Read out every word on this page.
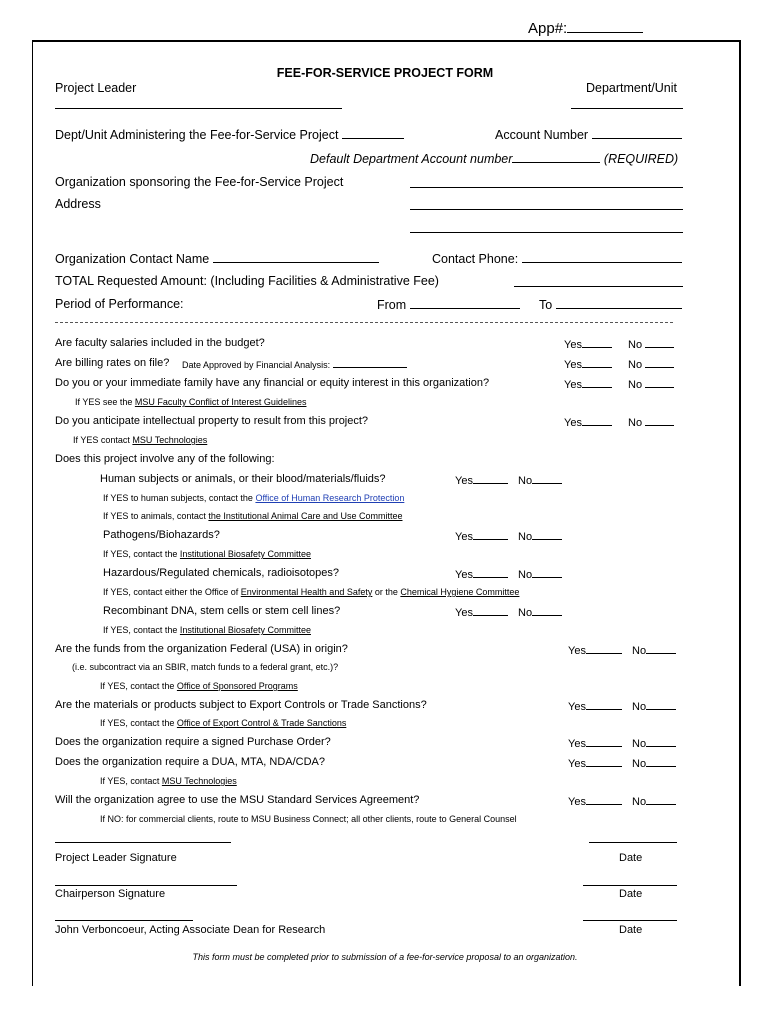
App#:
FEE-FOR-SERVICE PROJECT FORM
Project Leader	Department/Unit
Dept/Unit Administering the Fee-for-Service Project	Account Number
Default Department Account number	(REQUIRED)
Organization sponsoring the Fee-for-Service Project
Address
Organization Contact Name	Contact Phone:
TOTAL Requested Amount: (Including Facilities & Administrative Fee)
Period of Performance:	From	To
Are faculty salaries included in the budget?	Yes	No
Are billing rates on file? Date Approved by Financial Analysis:	Yes	No
Do you or your immediate family have any financial or equity interest in this organization?	Yes	No
If YES see the MSU Faculty Conflict of Interest Guidelines
Do you anticipate intellectual property to result from this project?	Yes	No
If YES contact MSU Technologies
Does this project involve any of the following:
Human subjects or animals, or their blood/materials/fluids?	Yes	No
If YES to human subjects, contact the Office of Human Research Protection
If YES to animals, contact the Institutional Animal Care and Use Committee
Pathogens/Biohazards?	Yes	No
If YES, contact the Institutional Biosafety Committee
Hazardous/Regulated chemicals, radioisotopes?	Yes	No
If YES, contact either the Office of Environmental Health and Safety or the Chemical Hygiene Committee
Recombinant DNA, stem cells or stem cell lines?	Yes	No
If YES, contact the Institutional Biosafety Committee
Are the funds from the organization Federal (USA) in origin?	Yes	No
(i.e. subcontract via an SBIR, match funds to a federal grant, etc.)?
If YES, contact the Office of Sponsored Programs
Are the materials or products subject to Export Controls or Trade Sanctions?	Yes	No
If YES, contact the Office of Export Control & Trade Sanctions
Does the organization require a signed Purchase Order?	Yes	No
Does the organization require a DUA, MTA, NDA/CDA?	Yes	No
If YES, contact MSU Technologies
Will the organization agree to use the MSU Standard Services Agreement?	Yes	No
If NO: for commercial clients, route to MSU Business Connect; all other clients, route to General Counsel
Project Leader Signature	Date
Chairperson Signature	Date
John Verboncoeur, Acting Associate Dean for Research	Date
This form must be completed prior to submission of a fee-for-service proposal to an organization.
